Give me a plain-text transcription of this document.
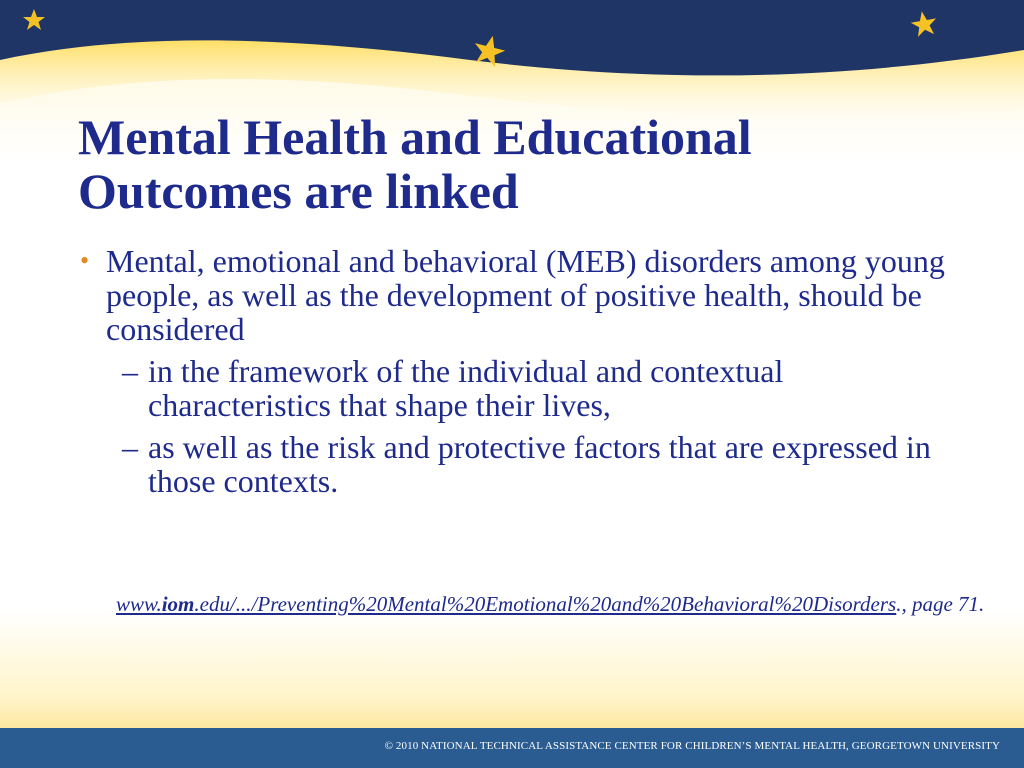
Mental Health and Educational
Outcomes are linked
• Mental, emotional and behavioral (MEB) disorders among young people, as well as the development of positive health, should be considered
– in the framework of the individual and contextual characteristics that shape their lives,
– as well as the risk and protective factors that are expressed in those contexts.

www.iom.edu/.../Preventing%20Mental%20Emotional%20and%20Behavioral%20Disorders., page 71.

© 2010 NATIONAL TECHNICAL ASSISTANCE CENTER FOR CHILDREN’S MENTAL HEALTH, GEORGETOWN UNIVERSITY
